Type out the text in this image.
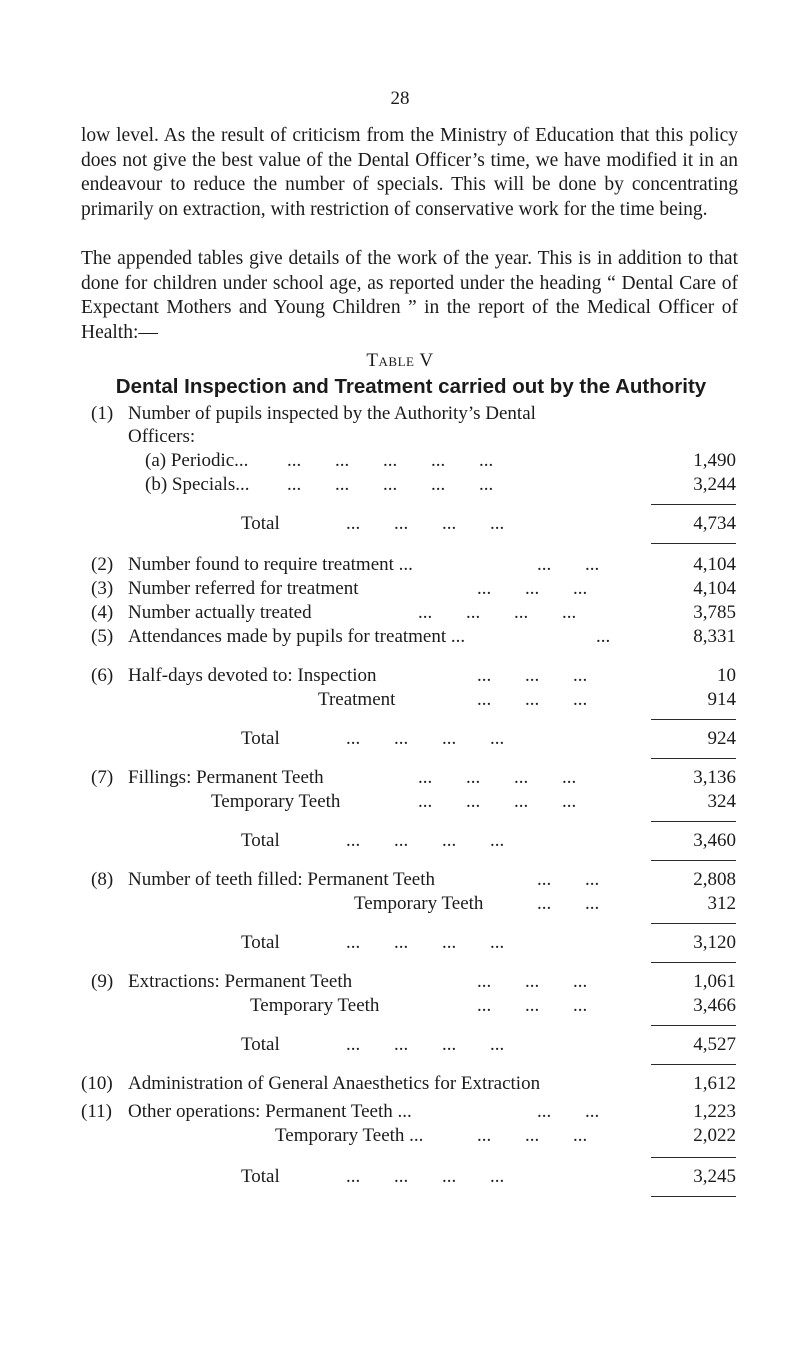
28

low level. As the result of criticism from the Ministry of Education that this policy does not give the best value of the Dental Officer’s time, we have modified it in an endeavour to reduce the number of specials. This will be done by concentrating primarily on extraction, with restriction of conservative work for the time being.

The appended tables give details of the work of the year. This is in addition to that done for children under school age, as reported under the heading “ Dental Care of Expectant Mothers and Young Children ” in the report of the Medical Officer of Health:—

Table V
Dental Inspection and Treatment carried out by the Authority
(1) Number of pupils inspected by the Authority’s Dental
Officers:
(a) Periodic... ... ... ... ... ...	1,490
(b) Specials... ... ... ... ... ...	3,244
Total	... ... ... ...	4,734
(2) Number found to require treatment ...	... ...	4,104
(3) Number referred for treatment	... ... ...	4,104
(4) Number actually treated	... ... ... ...	3,785
(5) Attendances made by pupils for treatment ...	...	8,331
(6) Half-days devoted to: Inspection	... ... ...	10
Treatment	... ... ...	914
Total	... ... ... ...	924
(7) Fillings: Permanent Teeth	... ... ... ...	3,136
Temporary Teeth	... ... ... ...	324
Total	... ... ... ...	3,460
(8) Number of teeth filled: Permanent Teeth	... ...	2,808
Temporary Teeth	... ...	312
Total	... ... ... ...	3,120
(9) Extractions: Permanent Teeth	... ... ...	1,061
Temporary Teeth	... ... ...	3,466
Total	... ... ... ...	4,527
(10) Administration of General Anaesthetics for Extraction	1,612
(11) Other operations: Permanent Teeth ...	... ...	1,223
Temporary Teeth ...	... ... ...	2,022
Total	... ... ... ...	3,245
